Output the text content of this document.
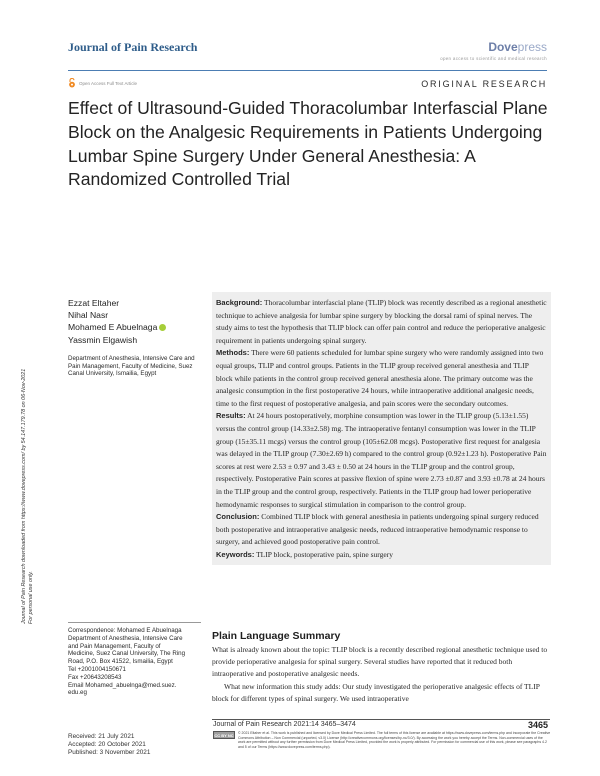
Journal of Pain Research	Dovepress
open access to scientific and medical research
Open Access Full Text Article	ORIGINAL RESEARCH
Effect of Ultrasound-Guided Thoracolumbar Interfascial Plane Block on the Analgesic Requirements in Patients Undergoing Lumbar Spine Surgery Under General Anesthesia: A Randomized Controlled Trial
Journal of Pain Research downloaded from https://www.dovepress.com/ by 54.147.179.78 on 06-Nov-2021 For personal use only.
Ezzat Eltaher
Nihal Nasr
Mohamed E Abuelnaga
Yassmin Elgawish
Department of Anesthesia, Intensive Care and Pain Management, Faculty of Medicine, Suez Canal University, Ismailia, Egypt

Background: Thoracolumbar interfascial plane (TLIP) block was recently described as a regional anesthetic technique to achieve analgesia for lumbar spine surgery by blocking the dorsal rami of spinal nerves. The study aims to test the hypothesis that TLIP block can offer pain control and reduce the perioperative analgesic requirement in patients undergoing spinal surgery.

Methods: There were 60 patients scheduled for lumbar spine surgery who were randomly assigned into two equal groups, TLIP and control groups. Patients in the TLIP group received general anesthesia and TLIP block while patients in the control group received general anesthesia alone. The primary outcome was the analgesic consumption in the first postoperative 24 hours, while intraoperative additional analgesic needs, time to the first request of postoperative analgesia, and pain scores were the secondary outcomes.

Results: At 24 hours postoperatively, morphine consumption was lower in the TLIP group (5.13±1.55) versus the control group (14.33±2.58) mg. The intraoperative fentanyl consumption was lower in the TLIP group (15±35.11 mcgs) versus the control group (105±62.08 mcgs). Postoperative first request for analgesia was delayed in the TLIP group (7.30±2.69 h) compared to the control group (0.92±1.23 h). Postoperative Pain scores at rest were 2.53 ± 0.97 and 3.43 ± 0.50 at 24 hours in the TLIP group and the control group, respectively. Postoperative Pain scores at passive flexion of spine were 2.73 ±0.87 and 3.93 ±0.78 at 24 hours in the TLIP group and the control group, respectively. Patients in the TLIP group had lower perioperative hemodynamic responses to surgical stimulation in comparison to the control group.

Conclusion: Combined TLIP block with general anesthesia in patients undergoing spinal surgery reduced both postoperative and intraoperative analgesic needs, reduced intraoperative hemodynamic response to surgery, and achieved good postoperative pain control.

Keywords: TLIP block, postoperative pain, spine surgery

Correspondence: Mohamed E Abuelnaga
Department of Anesthesia, Intensive Care
and Pain Management, Faculty of
Medicine, Suez Canal University, The Ring
Road, P.O. Box 41522, Ismailia, Egypt
Tel +2001004150671
Fax +20643208543
Email Mohamed_abuelnga@med.suez.
edu.eg
Plain Language Summary

What is already known about the topic: TLIP block is a recently described regional anesthetic technique used to provide perioperative analgesia for spinal surgery. Several studies have reported that it reduced both intraoperative and postoperative analgesic needs.

What new information this study adds: Our study investigated the perioperative analgesic effects of TLIP block for different types of spinal surgery. We used intraoperative

Journal of Pain Research 2021:14 3465–3474	3465
Received: 21 July 2021
Accepted: 20 October 2021
Published: 3 November 2021
CC BY NC	© 2021 Eltaher et al. This work is published and licensed by Dove Medical Press Limited. The full terms of this license are available at https://www.dovepress.com/terms.php and incorporate the Creative Commons Attribution – Non Commercial (unported, v3.0) License (http://creativecommons.org/licenses/by-nc/3.0/). By accessing the work you hereby accept the Terms. Non-commercial uses of the work are permitted without any further permission from Dove Medical Press Limited, provided the work is properly attributed. For permission for commercial use of this work, please see paragraphs 4.2 and 5 of our Terms (https://www.dovepress.com/terms.php).
